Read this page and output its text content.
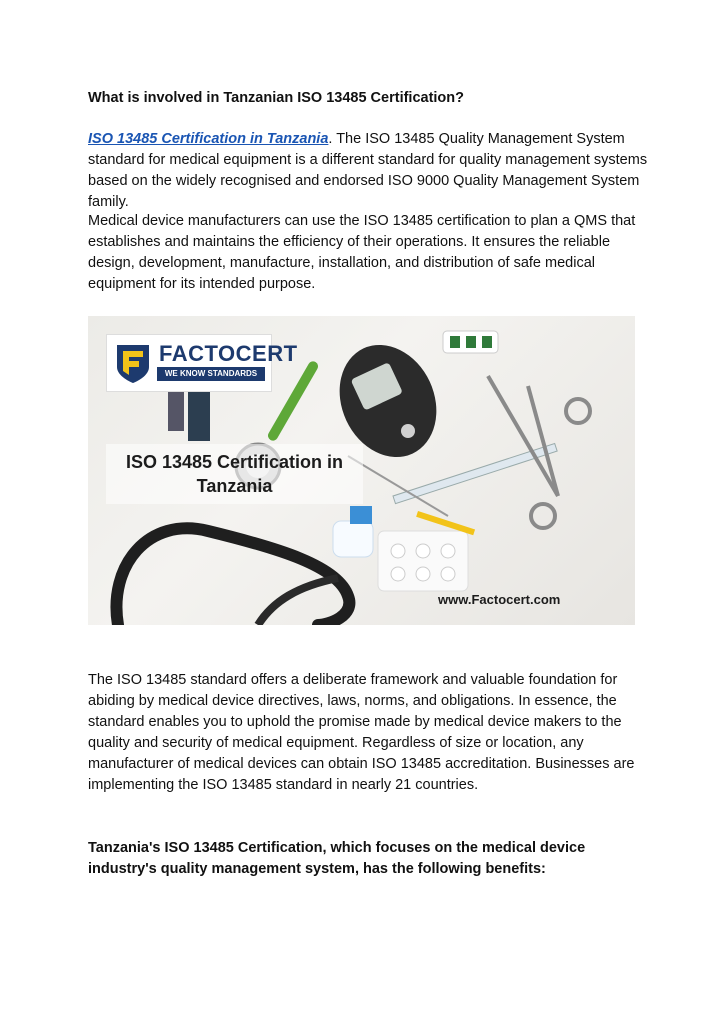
What is involved in Tanzanian ISO 13485 Certification?
ISO 13485 Certification in Tanzania. The ISO 13485 Quality Management System standard for medical equipment is a different standard for quality management systems based on the widely recognised and endorsed ISO 9000 Quality Management System family.
Medical device manufacturers can use the ISO 13485 certification to plan a QMS that establishes and maintains the efficiency of their operations. It ensures the reliable design, development, manufacture, installation, and distribution of safe medical equipment for its intended purpose.
FACTOCERT
WE KNOW STANDARDS
ISO 13485 Certification in
Tanzania
www.Factocert.com
The ISO 13485 standard offers a deliberate framework and valuable foundation for abiding by medical device directives, laws, norms, and obligations. In essence, the standard enables you to uphold the promise made by medical device makers to the quality and security of medical equipment. Regardless of size or location, any manufacturer of medical devices can obtain ISO 13485 accreditation. Businesses are implementing the ISO 13485 standard in nearly 21 countries.
Tanzania's ISO 13485 Certification, which focuses on the medical device industry's quality management system, has the following benefits:
